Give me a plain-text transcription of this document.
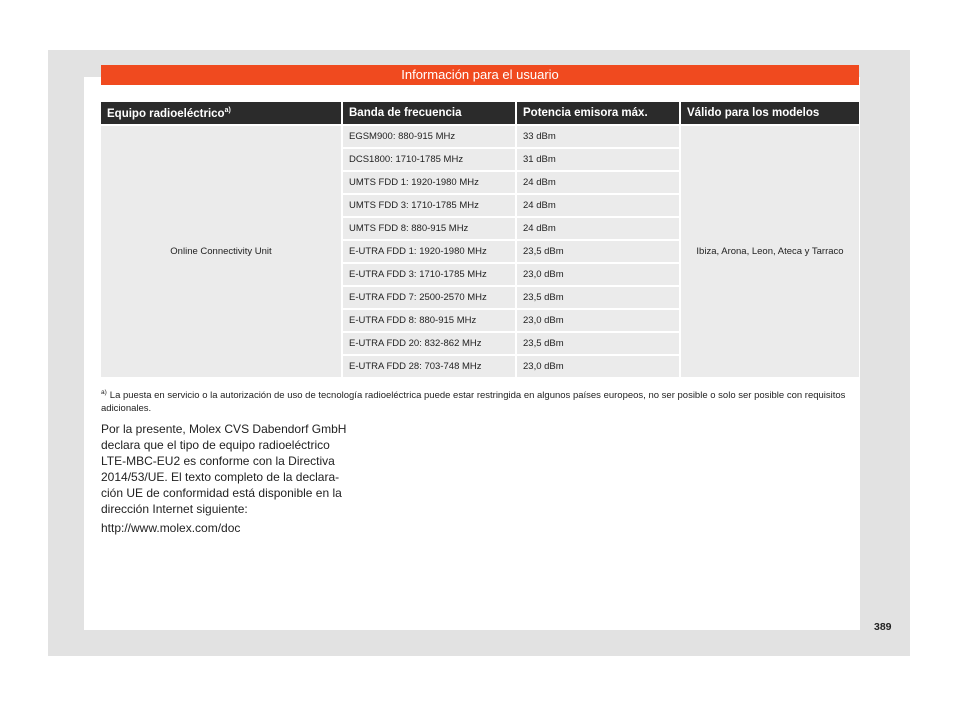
Información para el usuario
Equipo radioeléctrico$^{a)}$	Banda de frecuencia	Potencia emisora máx.	Válido para los modelos
Online Connectivity Unit	EGSM900: 880-915 MHz	33 dBm	Ibiza, Arona, Leon, Ateca y Tarraco
	DCS1800: 1710-1785 MHz	31 dBm	
	UMTS FDD 1: 1920-1980 MHz	24 dBm	
	UMTS FDD 3: 1710-1785 MHz	24 dBm	
	UMTS FDD 8: 880-915 MHz	24 dBm	
	E-UTRA FDD 1: 1920-1980 MHz	23,5 dBm	
	E-UTRA FDD 3: 1710-1785 MHz	23,0 dBm	
	E-UTRA FDD 7: 2500-2570 MHz	23,5 dBm	
	E-UTRA FDD 8: 880-915 MHz	23,0 dBm	
	E-UTRA FDD 20: 832-862 MHz	23,5 dBm	
	E-UTRA FDD 28: 703-748 MHz	23,0 dBm	
$^{a)}$ La puesta en servicio o la autorización de uso de tecnología radioeléctrica puede estar restringida en algunos países europeos, no ser posible o solo ser posible con requisitos adicionales.

Por la presente, Molex CVS Dabendorf GmbH declara que el tipo de equipo radioeléctrico LTE-MBC-EU2 es conforme con la Directiva 2014/53/UE. El texto completo de la declara-ción UE de conformidad está disponible en la dirección Internet siguiente:

http://www.molex.com/doc
389
